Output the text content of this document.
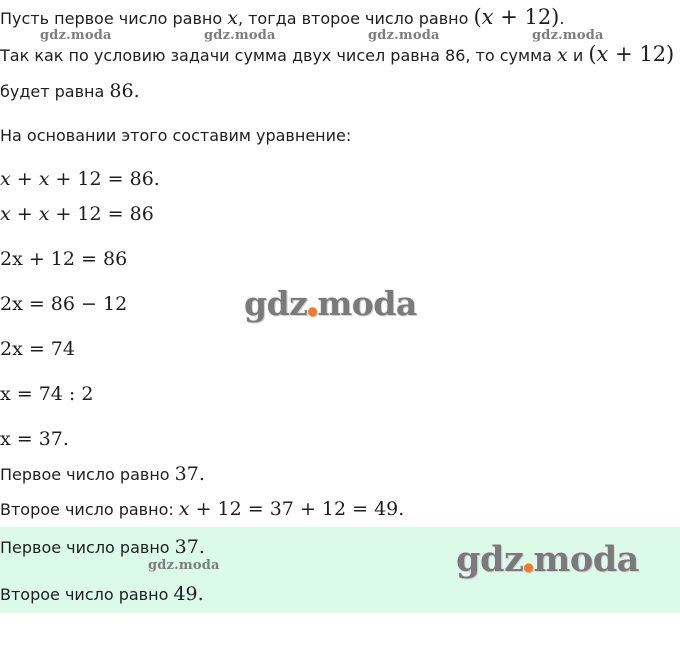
Пусть первое число равно x, тогда второе число равно (x + 12).
Так как по условию задачи сумма двух чисел равна 86, то сумма x и (x + 12)
будет равна 86.
На основании этого составим уравнение:
x + x + 12 = 86.
x + x + 12 = 86
2x + 12 = 86
2x = 86 − 12
2x = 74
x = 74 : 2
x = 37.
Первое число равно 37.
Второе число равно: x + 12 = 37 + 12 = 49.
Первое число равно 37.
Второе число равно 49.
gdz.moda	gdz.moda	gdz.moda	gdz.moda
gdz.moda
gdz●moda
gdz●moda
